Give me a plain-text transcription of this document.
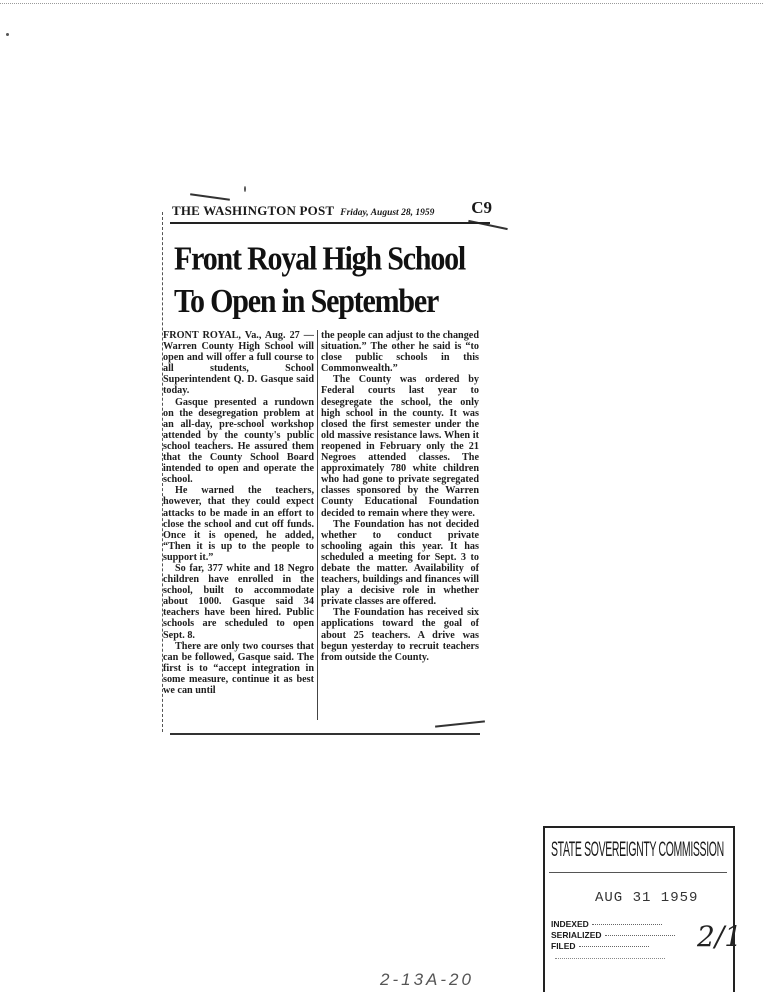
THE WASHINGTON POST Friday, August 28, 1959 C9
Front Royal High School
To Open in September

FRONT ROYAL, Va., Aug. 27 — Warren County High School will open and will offer a full course to all students, School Superintendent Q. D. Gasque said today.

Gasque presented a rundown on the desegregation problem at an all-day, pre-school workshop attended by the county's public school teachers. He assured them that the County School Board intended to open and operate the school.

He warned the teachers, however, that they could expect attacks to be made in an effort to close the school and cut off funds. Once it is opened, he added, “Then it is up to the people to support it.”

So far, 377 white and 18 Negro children have enrolled in the school, built to accommodate about 1000. Gasque said 34 teachers have been hired. Public schools are scheduled to open Sept. 8.

There are only two courses that can be followed, Gasque said. The first is to “accept integration in some measure, continue it as best we can until

the people can adjust to the changed situation.” The other he said is “to close public schools in this Commonwealth.”

The County was ordered by Federal courts last year to desegregate the school, the only high school in the county. It was closed the first semester under the old massive resistance laws. When it reopened in February only the 21 Negroes attended classes. The approximately 780 white children who had gone to private segregated classes sponsored by the Warren County Educational Foundation decided to remain where they were.

The Foundation has not decided whether to conduct private schooling again this year. It has scheduled a meeting for Sept. 3 to debate the matter. Availability of teachers, buildings and finances will play a decisive role in whether private classes are offered.

The Foundation has received six applications toward the goal of about 25 teachers. A drive was begun yesterday to recruit teachers from outside the County.

STATE SOVEREIGNTY COMMISSION
AUG 31 1959
INDEXED
SERIALIZED
FILED	2/1
2-13A-20
